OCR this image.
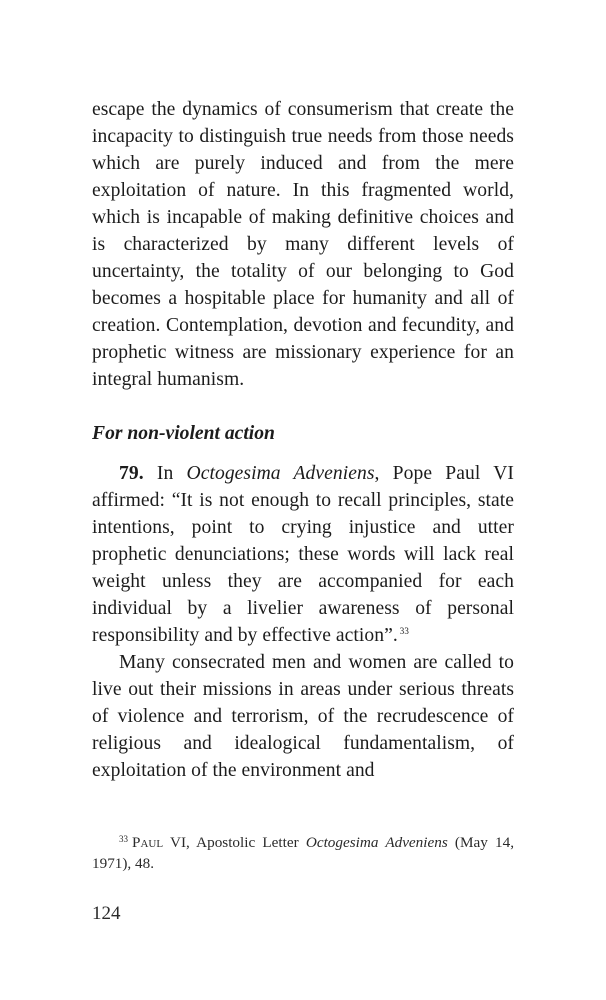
escape the dynamics of consumerism that create the incapacity to distinguish true needs from those needs which are purely induced and from the mere exploitation of nature. In this fragmented world, which is incapable of making definitive choices and is characterized by many different levels of uncertainty, the totality of our belonging to God becomes a hospitable place for humanity and all of creation. Contemplation, devotion and fecundity, and prophetic witness are missionary experience for an integral humanism.

For non-violent action

79. In Octogesima Adveniens, Pope Paul VI affirmed: “It is not enough to recall principles, state intentions, point to crying injustice and utter prophetic denunciations; these words will lack real weight unless they are accompanied for each individual by a livelier awareness of personal responsibility and by effective action”. $^{33}$

Many consecrated men and women are called to live out their missions in areas under serious threats of violence and terrorism, of the recrudescence of religious and idealogical fundamentalism, of exploitation of the environment and

$^{33}$ Paul VI, Apostolic Letter Octogesima Adveniens (May 14, 1971), 48.

124
